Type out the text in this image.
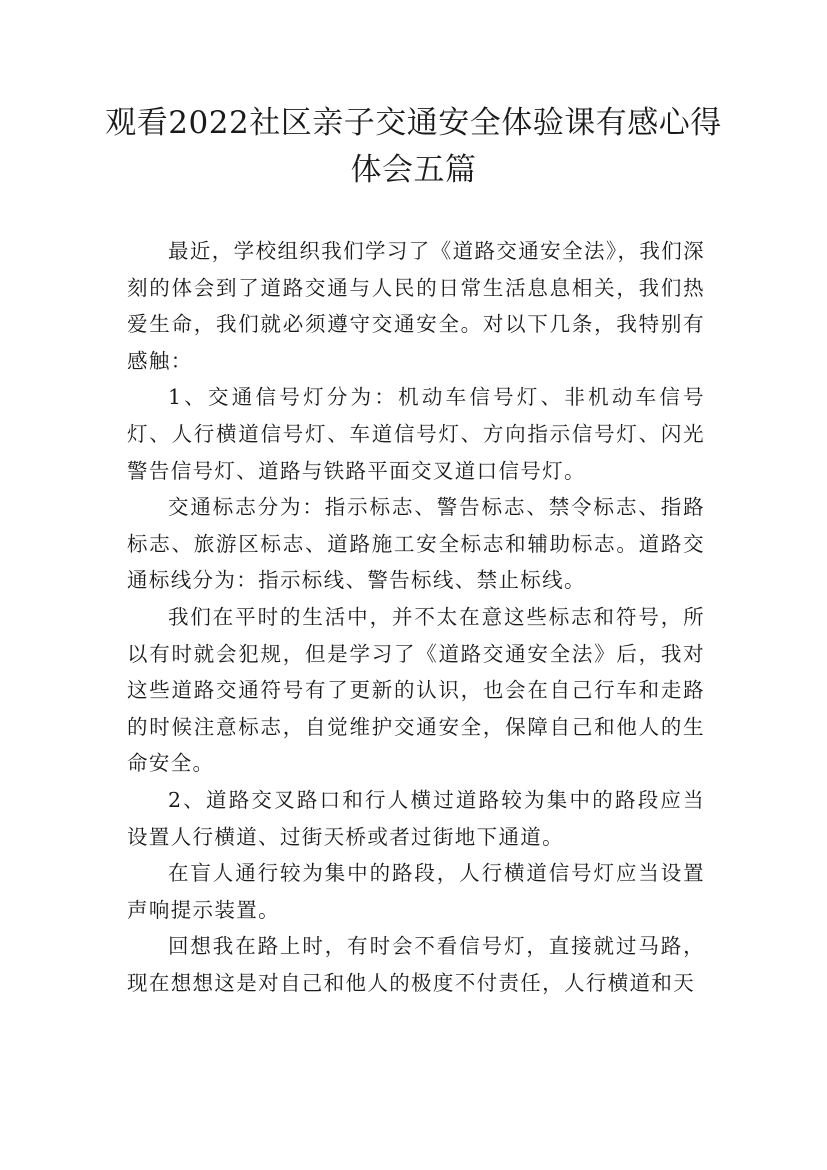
观看2022社区亲子交通安全体验课有感心得体会五篇

最近，学校组织我们学习了《道路交通安全法》，我们深刻的体会到了道路交通与人民的日常生活息息相关，我们热爱生命，我们就必须遵守交通安全。对以下几条，我特别有感触：

1、交通信号灯分为：机动车信号灯、非机动车信号灯、人行横道信号灯、车道信号灯、方向指示信号灯、闪光警告信号灯、道路与铁路平面交叉道口信号灯。

交通标志分为：指示标志、警告标志、禁令标志、指路标志、旅游区标志、道路施工安全标志和辅助标志。道路交通标线分为：指示标线、警告标线、禁止标线。

我们在平时的生活中，并不太在意这些标志和符号，所以有时就会犯规，但是学习了《道路交通安全法》后，我对这些道路交通符号有了更新的认识，也会在自己行车和走路的时候注意标志，自觉维护交通安全，保障自己和他人的生命安全。

2、道路交叉路口和行人横过道路较为集中的路段应当设置人行横道、过街天桥或者过街地下通道。

在盲人通行较为集中的路段，人行横道信号灯应当设置声响提示装置。

回想我在路上时，有时会不看信号灯，直接就过马路，现在想想这是对自己和他人的极度不付责任，人行横道和天
